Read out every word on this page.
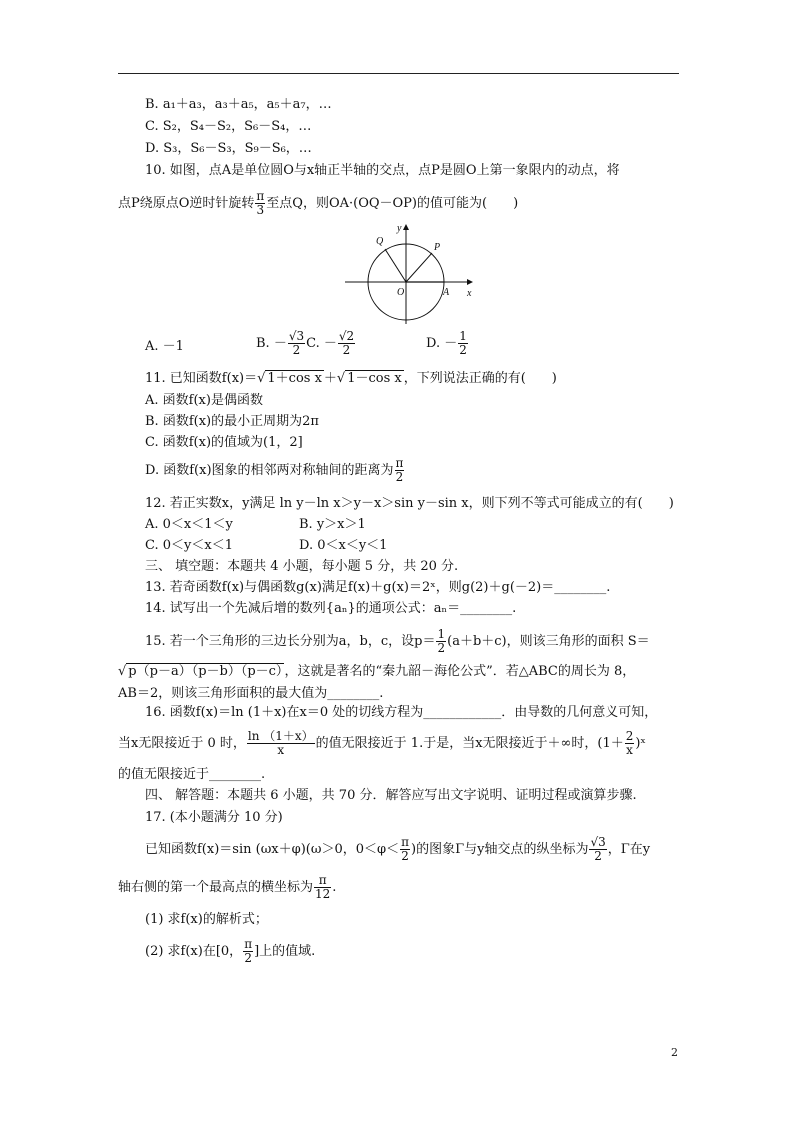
B. a₁＋a₃，a₃＋a₅，a₅＋a₇，…
C. S₂，S₄－S₂，S₆－S₄，…
D. S₃，S₆－S₃，S₉－S₆，…
10. 如图，点A是单位圆O与x轴正半轴的交点，点P是圆O上第一象限内的动点，将
点P绕原点O逆时针旋转 $\frac{\pi}{3}$ 至点Q，则OA·(OQ－OP)的值可能为(　　)
Q
P
O	A x
y
A. －1	B. － $\frac{√3}{2} C$. － $\frac{√2}{2}$	D. － $\frac{1}{2}$
11. 已知函数f(x)＝√ 1＋cos x ＋√ 1－cos x ，下列说法正确的有(　　)
A. 函数f(x)是偶函数
B. 函数f(x)的最小正周期为2π
C. 函数f(x)的值域为(1，2]
D. 函数f(x)图象的相邻两对称轴间的距离为 $\frac{\pi}{2}$
12. 若正实数x，y满足 ln y－ln x＞y－x＞sin y－sin x，则下列不等式可能成立的有(　　)
A. 0＜x＜1＜y	B. y＞x＞1
C. 0＜y＜x＜1	D. 0＜x＜y＜1
三、 填空题：本题共 4 小题，每小题 5 分，共 20 分.
13. 若奇函数f(x)与偶函数g(x)满足f(x)＋g(x)＝2ˣ，则g(2)＋g(－2)＝________.
14. 试写出一个先减后增的数列{aₙ}的通项公式：aₙ＝________.
15. 若一个三角形的三边长分别为a，b，c，设$p= \frac{1}{2} (a+b+c)$，则该三角形的面积 S＝
√ p（p－a）（p－b）（p－c） ，这就是著名的“秦九韶－海伦公式”．若△ABC的周长为 8，
AB＝2，则该三角形面积的最大值为________.
16. 函数f(x)＝ln (1＋x)在x＝0 处的切线方程为____________．由导数的几何意义可知，
当x无限接近于 0 时， $\frac{\ln (1+x)}{x}$ 的值无限接近于 1.于是，当x无限接近于＋∞时，($1+ \frac{2}{x}$ )ˣ
的值无限接近于________.
四、 解答题：本题共 6 小题，共 70 分．解答应写出文字说明、证明过程或演算步骤.
17. (本小题满分 10 分)
已知函数f(x)＝sin (ωx＋φ)(ω＞0，$0<\varphi< \frac{\pi}{2}$ )的图象Γ与y轴交点的纵坐标为 $\frac{√3}{2}$ ，Γ在y
轴右侧的第一个最高点的横坐标为 $\frac{\pi}{12}$ .
(1) 求f(x)的解析式；
(2) 求f(x)在[0， $\frac{\pi}{2}$ ]上的值域.
2
